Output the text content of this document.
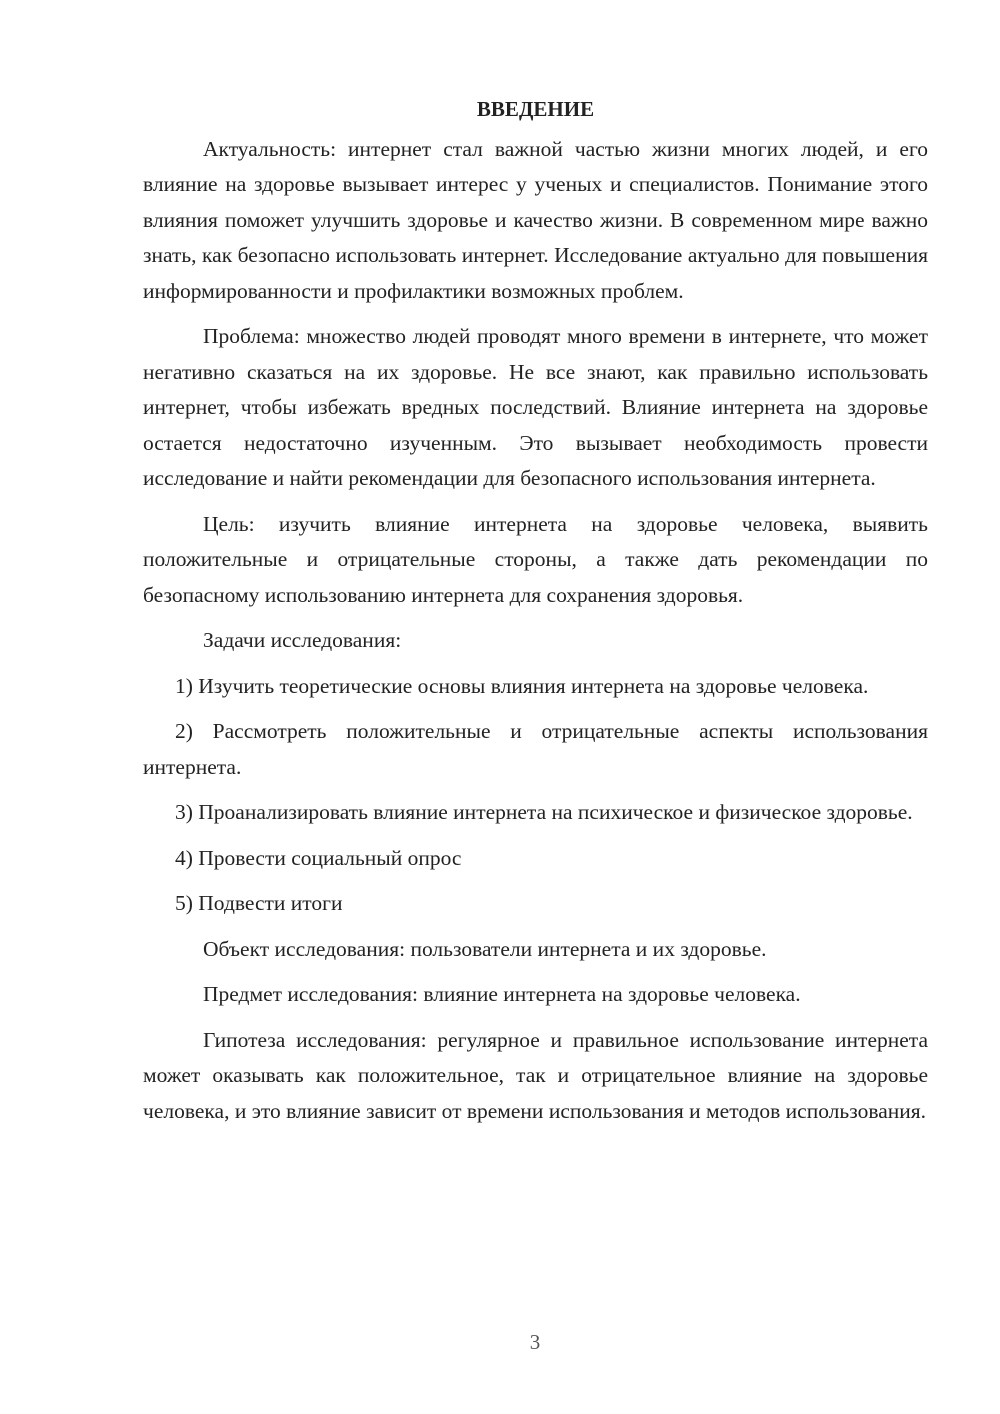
ВВЕДЕНИЕ

Актуальность: интернет стал важной частью жизни многих людей, и его влияние на здоровье вызывает интерес у ученых и специалистов. Понимание этого влияния поможет улучшить здоровье и качество жизни. В современном мире важно знать, как безопасно использовать интернет. Исследование актуально для повышения информированности и профилактики возможных проблем.

Проблема: множество людей проводят много времени в интернете, что может негативно сказаться на их здоровье. Не все знают, как правильно использовать интернет, чтобы избежать вредных последствий. Влияние интернета на здоровье остается недостаточно изученным. Это вызывает необходимость провести исследование и найти рекомендации для безопасного использования интернета.

Цель: изучить влияние интернета на здоровье человека, выявить положительные и отрицательные стороны, а также дать рекомендации по безопасному использованию интернета для сохранения здоровья.

Задачи исследования:

1) Изучить теоретические основы влияния интернета на здоровье человека.

2) Рассмотреть положительные и отрицательные аспекты использования интернета.

3) Проанализировать влияние интернета на психическое и физическое здоровье.

4) Провести социальный опрос

5) Подвести итоги

Объект исследования: пользователи интернета и их здоровье.

Предмет исследования: влияние интернета на здоровье человека.

Гипотеза исследования: регулярное и правильное использование интернета может оказывать как положительное, так и отрицательное влияние на здоровье человека, и это влияние зависит от времени использования и методов использования.

3
